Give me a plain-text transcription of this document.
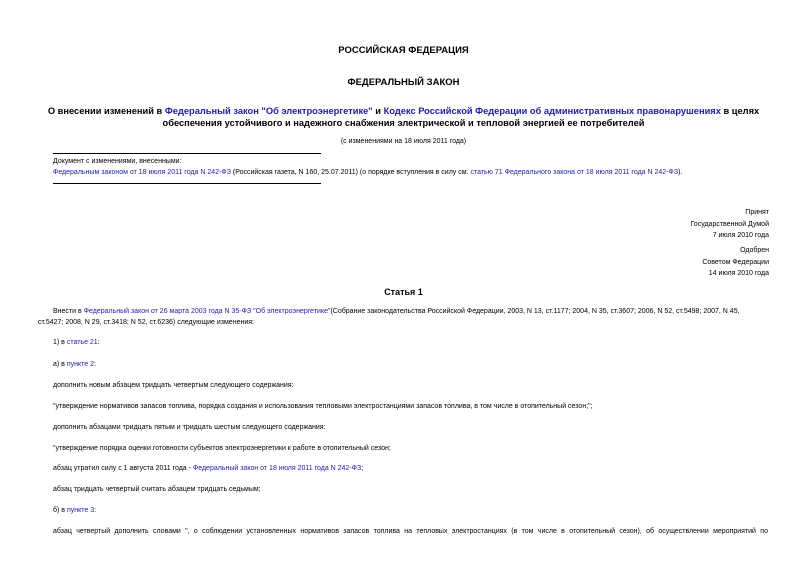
РОССИЙСКАЯ ФЕДЕРАЦИЯ
ФЕДЕРАЛЬНЫЙ ЗАКОН
О внесении изменений в Федеральный закон "Об электроэнергетике" и Кодекс Российской Федерации об административных правонарушениях в целях
обеспечения устойчивого и надежного снабжения электрической и тепловой энергией ее потребителей
(с изменениями на 18 июля 2011 года)
Документ с изменениями, внесенными:
Федеральным законом от 18 июля 2011 года N 242-ФЗ (Российская газета, N 160, 25.07.2011) (о порядке вступления в силу см. статью 71 Федерального закона от 18 июля 2011 года N 242-ФЗ).
Принят
Государственной Думой
7 июля 2010 года
Одобрен
Советом Федерации
14 июля 2010 года
Статья 1
Внести в Федеральный закон от 26 марта 2003 года N 35-ФЗ "Об электроэнергетике"(Собрание законодательства Российской Федерации, 2003, N 13, ст.1177; 2004, N 35, ст.3607; 2006, N 52, ст.5498; 2007, N 45,
ст.5427; 2008, N 29, ст.3418; N 52, ст.6236) следующие изменения:
1) в статье 21:
а) в пункте 2:
дополнить новым абзацем тридцать четвертым следующего содержания:
"утверждение нормативов запасов топлива, порядка создания и использования тепловыми электростанциями запасов топлива, в том числе в отопительный сезон;";
дополнить абзацами тридцать пятым и тридцать шестым следующего содержания:
"утверждение порядка оценки готовности субъектов электроэнергетики к работе в отопительный сезон;
абзац утратил силу с 1 августа 2011 года - Федеральный закон от 18 июля 2011 года N 242-ФЗ;
абзац тридцать четвертый считать абзацем тридцать седьмым;
б) в пункте 3:
абзац четвертый дополнить словами ", о соблюдении установленных нормативов запасов топлива на тепловых электростанциях (в том числе в отопительный сезон), об осуществлении мероприятий по
